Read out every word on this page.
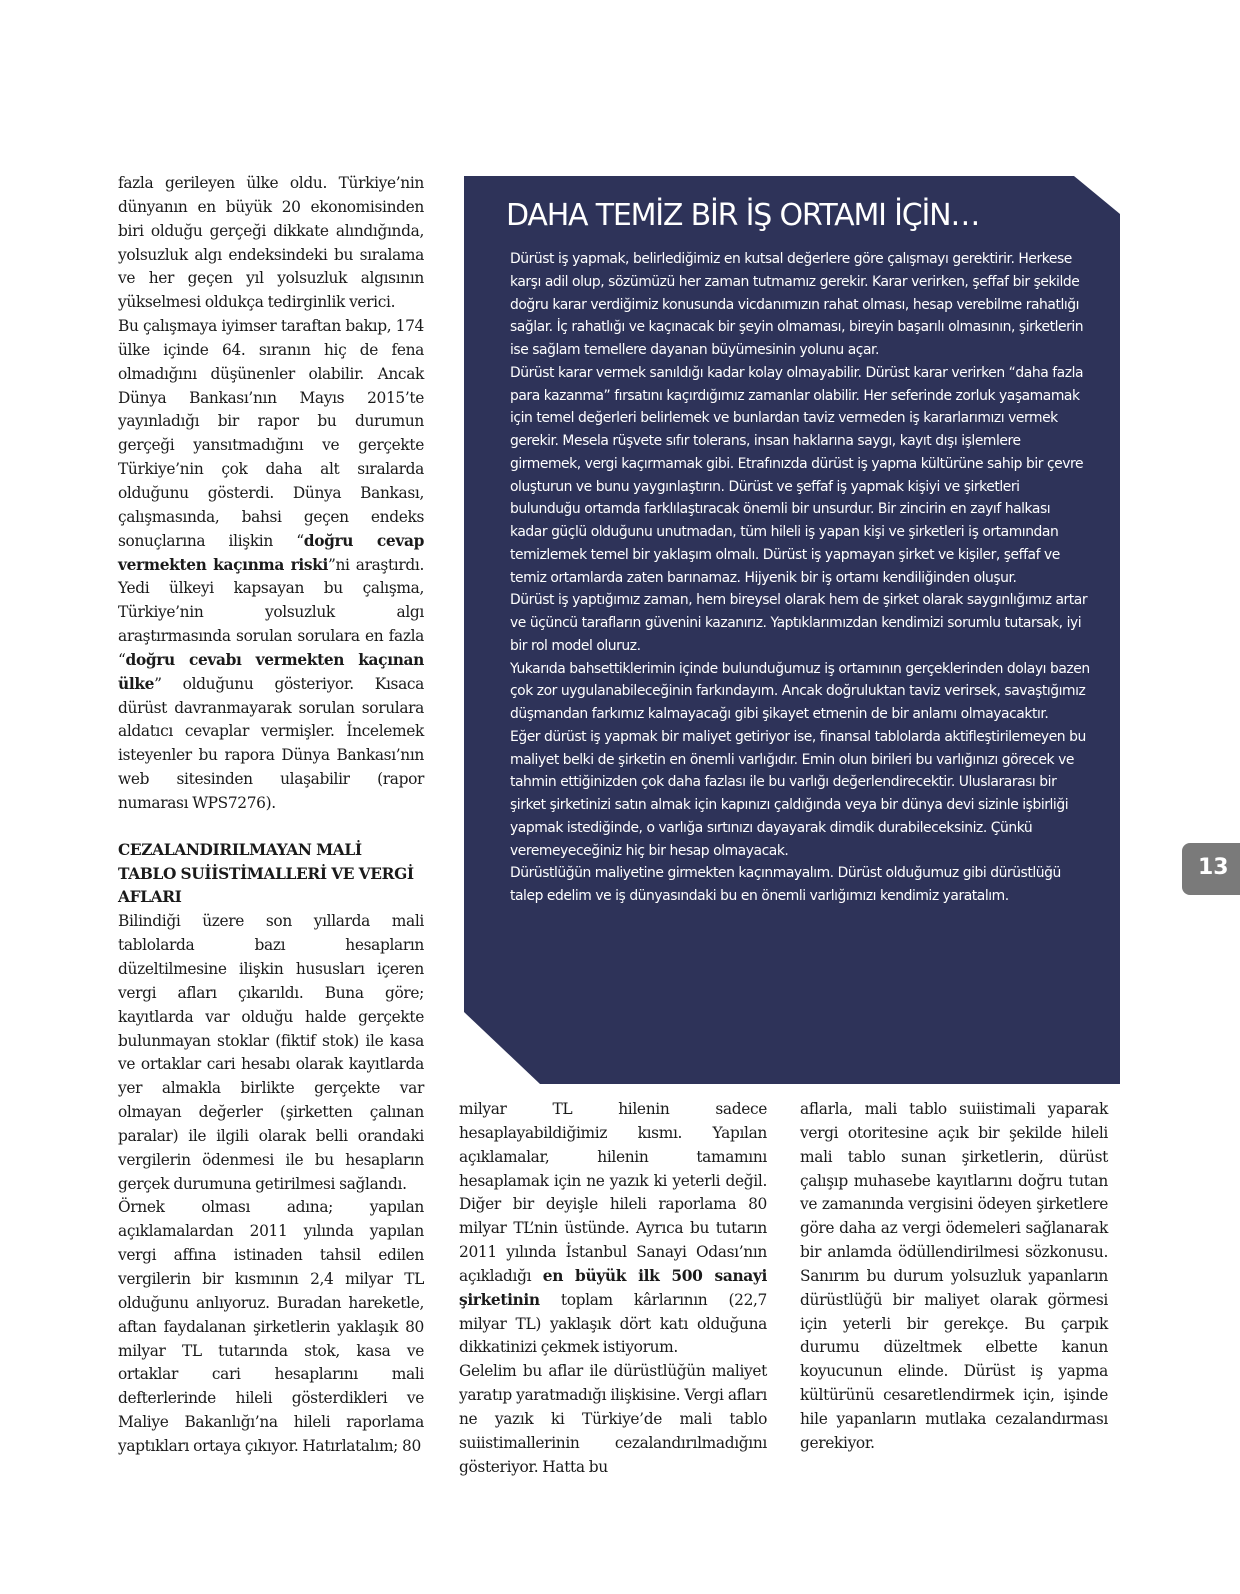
fazla gerileyen ülke oldu. Türkiye’nin dünyanın en büyük 20 ekonomisinden biri olduğu gerçeği dikkate alındığında, yolsuzluk algı endeksindeki bu sıralama ve her geçen yıl yolsuzluk algısının yükselmesi oldukça tedirginlik verici.

Bu çalışmaya iyimser taraftan bakıp, 174 ülke içinde 64. sıranın hiç de fena olmadığını düşünenler olabilir. Ancak Dünya Bankası’nın Mayıs 2015’te yayınladığı bir rapor bu durumun gerçeği yansıtmadığını ve gerçekte Türkiye’nin çok daha alt sıralarda olduğunu gösterdi. Dünya Bankası, çalışmasında, bahsi geçen endeks sonuçlarına ilişkin “doğru cevap vermekten kaçınma riski”ni araştırdı. Yedi ülkeyi kapsayan bu çalışma, Türkiye’nin yolsuzluk algı araştırmasında sorulan sorulara en fazla “doğru cevabı vermekten kaçınan ülke” olduğunu gösteriyor. Kısaca dürüst davranmayarak sorulan sorulara aldatıcı cevaplar vermişler. İncelemek isteyenler bu rapora Dünya Bankası’nın web sitesinden ulaşabilir (rapor numarası WPS7276).

CEZALANDIRILMAYAN MALİ TABLO SUİİSTİMALLERİ VE VERGİ AFLARI

Bilindiği üzere son yıllarda mali tablolarda bazı hesapların düzeltilmesine ilişkin hususları içeren vergi afları çıkarıldı. Buna göre; kayıtlarda var olduğu halde gerçekte bulunmayan stoklar (fiktif stok) ile kasa ve ortaklar cari hesabı olarak kayıtlarda yer almakla birlikte gerçekte var olmayan değerler (şirketten çalınan paralar) ile ilgili olarak belli orandaki vergilerin ödenmesi ile bu hesapların gerçek durumuna getirilmesi sağlandı.

Örnek olması adına; yapılan açıklamalardan 2011 yılında yapılan vergi affına istinaden tahsil edilen vergilerin bir kısmının 2,4 milyar TL olduğunu anlıyoruz. Buradan hareketle, aftan faydalanan şirketlerin yaklaşık 80 milyar TL tutarında stok, kasa ve ortaklar cari hesaplarını mali defterlerinde hileli gösterdikleri ve Maliye Bakanlığı’na hileli raporlama yaptıkları ortaya çıkıyor. Hatırlatalım; 80

DAHA TEMİZ BİR İŞ ORTAMI İÇİN…

Dürüst iş yapmak, belirlediğimiz en kutsal değerlere göre çalışmayı gerektirir. Herkese karşı adil olup, sözümüzü her zaman tutmamız gerekir. Karar verirken, şeffaf bir şekilde doğru karar verdiğimiz konusunda vicdanımızın rahat olması, hesap verebilme rahatlığı sağlar. İç rahatlığı ve kaçınacak bir şeyin olmaması, bireyin başarılı olmasının, şirketlerin ise sağlam temellere dayanan büyümesinin yolunu açar.

Dürüst karar vermek sanıldığı kadar kolay olmayabilir. Dürüst karar verirken “daha fazla para kazanma” fırsatını kaçırdığımız zamanlar olabilir. Her seferinde zorluk yaşamamak için temel değerleri belirlemek ve bunlardan taviz vermeden iş kararlarımızı vermek gerekir. Mesela rüşvete sıfır tolerans, insan haklarına saygı, kayıt dışı işlemlere girmemek, vergi kaçırmamak gibi. Etrafınızda dürüst iş yapma kültürüne sahip bir çevre oluşturun ve bunu yaygınlaştırın. Dürüst ve şeffaf iş yapmak kişiyi ve şirketleri bulunduğu ortamda farklılaştıracak önemli bir unsurdur. Bir zincirin en zayıf halkası kadar güçlü olduğunu unutmadan, tüm hileli iş yapan kişi ve şirketleri iş ortamından temizlemek temel bir yaklaşım olmalı. Dürüst iş yapmayan şirket ve kişiler, şeffaf ve temiz ortamlarda zaten barınamaz. Hijyenik bir iş ortamı kendiliğinden oluşur.

Dürüst iş yaptığımız zaman, hem bireysel olarak hem de şirket olarak saygınlığımız artar ve üçüncü tarafların güvenini kazanırız. Yaptıklarımızdan kendimizi sorumlu tutarsak, iyi bir rol model oluruz.

Yukarıda bahsettiklerimin içinde bulunduğumuz iş ortamının gerçeklerinden dolayı bazen çok zor uygulanabileceğinin farkındayım. Ancak doğruluktan taviz verirsek, savaştığımız düşmandan farkımız kalmayacağı gibi şikayet etmenin de bir anlamı olmayacaktır.

Eğer dürüst iş yapmak bir maliyet getiriyor ise, finansal tablolarda aktifleştirilemeyen bu maliyet belki de şirketin en önemli varlığıdır. Emin olun birileri bu varlığınızı görecek ve tahmin ettiğinizden çok daha fazlası ile bu varlığı değerlendirecektir. Uluslararası bir şirket şirketinizi satın almak için kapınızı çaldığında veya bir dünya devi sizinle işbirliği yapmak istediğinde, o varlığa sırtınızı dayayarak dimdik durabileceksiniz. Çünkü veremeyeceğiniz hiç bir hesap olmayacak.

Dürüstlüğün maliyetine girmekten kaçınmayalım. Dürüst olduğumuz gibi dürüstlüğü talep edelim ve iş dünyasındaki bu en önemli varlığımızı kendimiz yaratalım.

milyar TL hilenin sadece hesaplayabildiğimiz kısmı. Yapılan açıklamalar, hilenin tamamını hesaplamak için ne yazık ki yeterli değil. Diğer bir deyişle hileli raporlama 80 milyar TL’nin üstünde. Ayrıca bu tutarın 2011 yılında İstanbul Sanayi Odası’nın açıkladığı en büyük ilk 500 sanayi şirketinin toplam kârlarının (22,7 milyar TL) yaklaşık dört katı olduğuna dikkatinizi çekmek istiyorum.

Gelelim bu aflar ile dürüstlüğün maliyet yaratıp yaratmadığı ilişkisine. Vergi afları ne yazık ki Türkiye’de mali tablo suiistimallerinin cezalandırılmadığını gösteriyor. Hatta bu

aflarla, mali tablo suiistimali yaparak vergi otoritesine açık bir şekilde hileli mali tablo sunan şirketlerin, dürüst çalışıp muhasebe kayıtlarını doğru tutan ve zamanında vergisini ödeyen şirketlere göre daha az vergi ödemeleri sağlanarak bir anlamda ödüllendirilmesi sözkonusu. Sanırım bu durum yolsuzluk yapanların dürüstlüğü bir maliyet olarak görmesi için yeterli bir gerekçe. Bu çarpık durumu düzeltmek elbette kanun koyucunun elinde. Dürüst iş yapma kültürünü cesaretlendirmek için, işinde hile yapanların mutlaka cezalandırması gerekiyor.

13
